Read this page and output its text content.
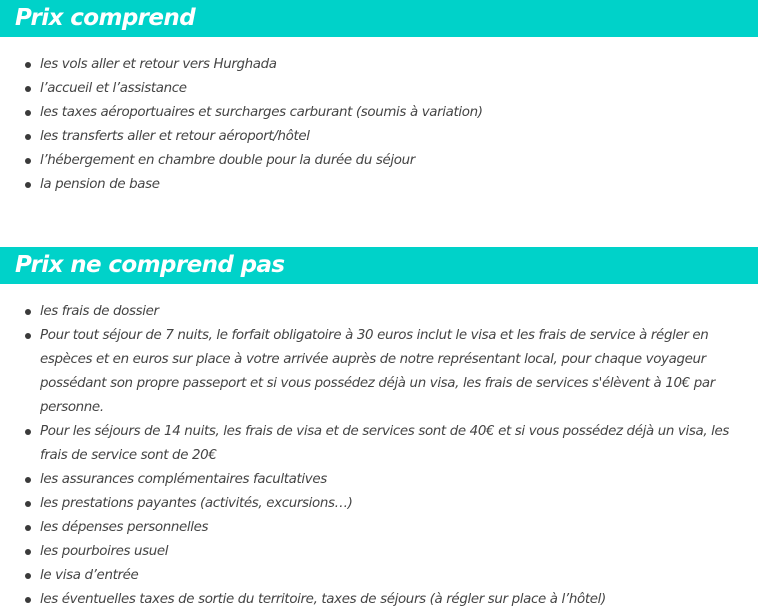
Prix comprend
les vols aller et retour vers Hurghada
l’accueil et l’assistance
les taxes aéroportuaires et surcharges carburant (soumis à variation)
les transferts aller et retour aéroport/hôtel
l’hébergement en chambre double pour la durée du séjour
la pension de base
Prix ne comprend pas
les frais de dossier
Pour tout séjour de 7 nuits, le forfait obligatoire à 30 euros inclut le visa et les frais de service à régler en espèces et en euros sur place à votre arrivée auprès de notre représentant local, pour chaque voyageur possédant son propre passeport et si vous possédez déjà un visa, les frais de services s'élèvent à 10€ par personne.
Pour les séjours de 14 nuits, les frais de visa et de services sont de 40€ et si vous possédez déjà un visa, les frais de service sont de 20€
les assurances complémentaires facultatives
les prestations payantes (activités, excursions…)
les dépenses personnelles
les pourboires usuel
le visa d’entrée
les éventuelles taxes de sortie du territoire, taxes de séjours (à régler sur place à l’hôtel)
